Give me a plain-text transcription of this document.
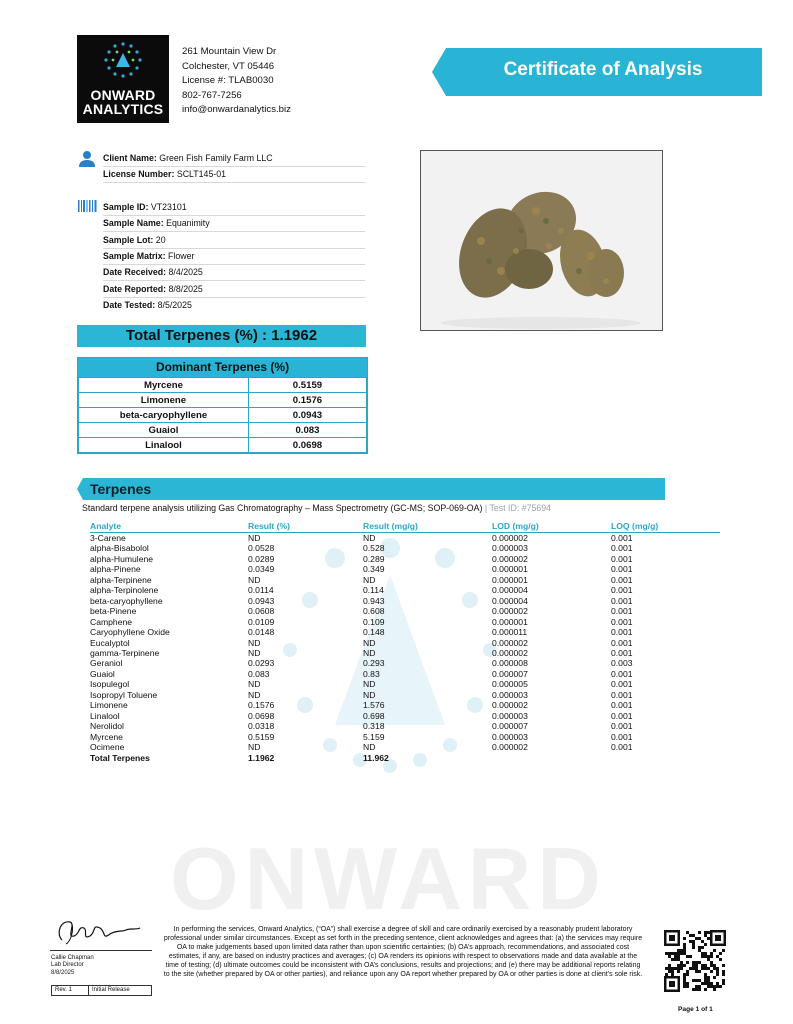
ONWARD
ONWARD
ANALYTICS
261 Mountain View Dr
Colchester, VT 05446
License #: TLAB0030
802-767-7256
info@onwardanalytics.biz
Certificate of Analysis
Client Name: Green Fish Family Farm LLC
License Number: SCLT145-01
Sample ID: VT23101
Sample Name: Equanimity
Sample Lot: 20
Sample Matrix: Flower
Date Received: 8/4/2025
Date Reported: 8/8/2025
Date Tested: 8/5/2025
Total Terpenes (%) : 1.1962
Dominant Terpenes (%)
Myrcene	0.5159
Limonene	0.1576
beta-caryophyllene	0.0943
Guaiol	0.083
Linalool	0.0698
Terpenes
Standard terpene analysis utilizing Gas Chromatography – Mass Spectrometry (GC-MS; SOP-069-OA) | Test ID: #75694
Analyte	Result (%)	Result (mg/g)	LOD (mg/g)	LOQ (mg/g)
3-Carene	ND	ND	0.000002	0.001
alpha-Bisabolol	0.0528	0.528	0.000003	0.001
alpha-Humulene	0.0289	0.289	0.000002	0.001
alpha-Pinene	0.0349	0.349	0.000001	0.001
alpha-Terpinene	ND	ND	0.000001	0.001
alpha-Terpinolene	0.0114	0.114	0.000004	0.001
beta-caryophyllene	0.0943	0.943	0.000004	0.001
beta-Pinene	0.0608	0.608	0.000002	0.001
Camphene	0.0109	0.109	0.000001	0.001
Caryophyllene Oxide	0.0148	0.148	0.000011	0.001
Eucalyptol	ND	ND	0.000002	0.001
gamma-Terpinene	ND	ND	0.000002	0.001
Geraniol	0.0293	0.293	0.000008	0.003
Guaiol	0.083	0.83	0.000007	0.001
Isopulegol	ND	ND	0.000005	0.001
Isopropyl Toluene	ND	ND	0.000003	0.001
Limonene	0.1576	1.576	0.000002	0.001
Linalool	0.0698	0.698	0.000003	0.001
Nerolidol	0.0318	0.318	0.000007	0.001
Myrcene	0.5159	5.159	0.000003	0.001
Ocimene	ND	ND	0.000002	0.001
Total Terpenes	1.1962	11.962		
Callie Chapman
Lab Director
8/8/2025
Rev. 1	Initial Release
In performing the services, Onward Analytics, (“OA”) shall exercise a degree of skill and care ordinarily exercised by a reasonably prudent laboratory professional under similar circumstances. Except as set forth in the preceding sentence, client acknowledges and agrees that: (a) the services may require OA to make judgements based upon limited data rather than upon scientific certainties; (b) OA’s approach, recommendations, and associated cost estimates, if any, are based on industry practices and averages; (c) OA renders its opinions with respect to observations made and data available at the time of testing; (d) ultimate outcomes could be inconsistent with OA’s conclusions, results and projections; and (e) there may be additional reports relating to the site (whether prepared by OA or other parties), and reliance upon any OA report whether prepared by OA or other parties is done at client’s sole risk.
Page 1 of 1
